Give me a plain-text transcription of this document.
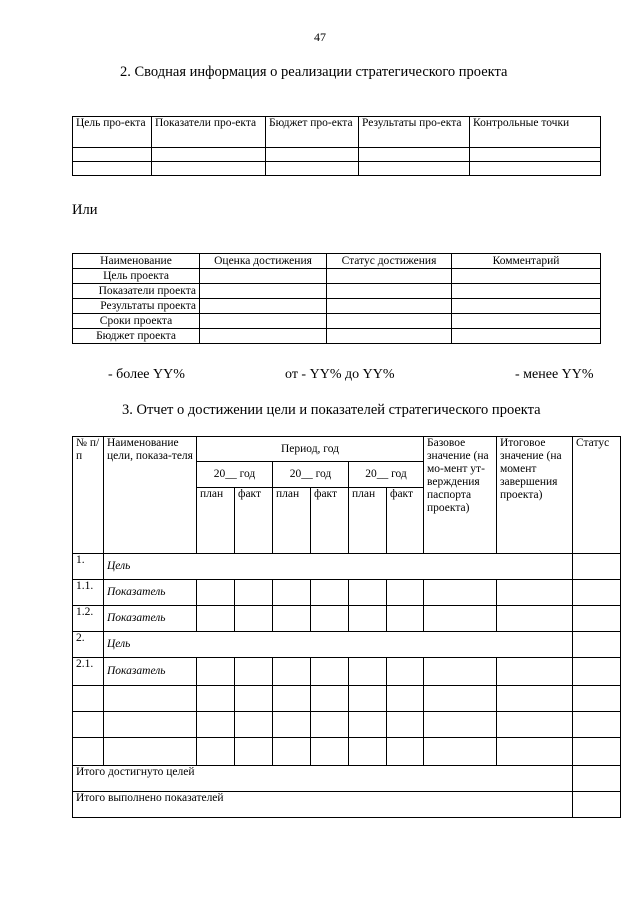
47
2. Сводная информация о реализации стратегического проекта
Цель про-екта	Показатели про-екта	Бюджет про-екта	Результаты про-екта	Контрольные точки

Или
Наименование	Оценка достижения	Статус достижения	Комментарий
Цель проекта			
Показатели проекта			
Результаты проекта			
Сроки проекта			
Бюджет проекта			
- более YY%	от - YY% до YY%	- менее YY%
3. Отчет о достижении цели и показателей стратегического проекта
№ п/п	Наименование цели, показа-теля	Период, год						Базовое значение (на мо-мент ут-верждения паспорта проекта)	Итоговое значение (на момент завершения проекта)	Статус
		20__ год		20__ год		20__ год				
		план	факт	план	факт	план	факт			
1.	Цель									
1.1.	Показатель									
1.2.	Показатель									
2.	Цель									
2.1.	Показатель									

Итого достигнуто целей										
Итого выполнено показателей										
